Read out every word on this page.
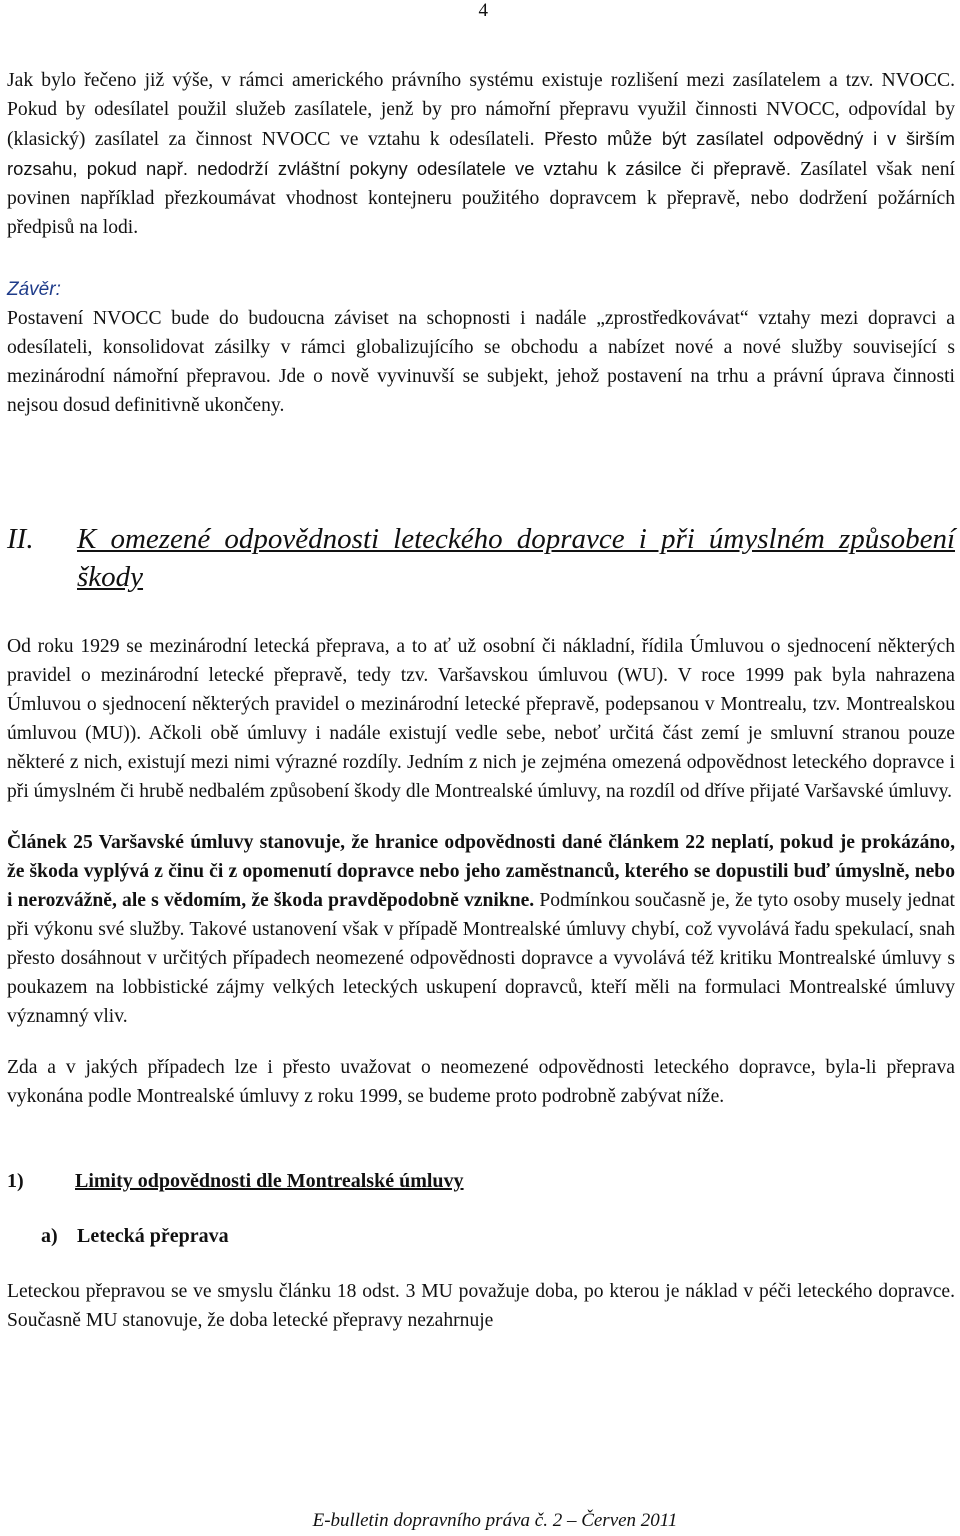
4

Jak bylo řečeno již výše, v rámci amerického právního systému existuje rozlišení mezi zasílatelem a tzv. NVOCC. Pokud by odesílatel použil služeb zasílatele, jenž by pro námořní přepravu využil činnosti NVOCC, odpovídal by (klasický) zasílatel za činnost NVOCC ve vztahu k odesílateli. Přesto může být zasílatel odpovědný i v širším rozsahu, pokud např. nedodrží zvláštní pokyny odesílatele ve vztahu k zásilce či přepravě. Zasílatel však není povinen například přezkoumávat vhodnost kontejneru použitého dopravcem k přepravě, nebo dodržení požárních předpisů na lodi.

Závěr:

Postavení NVOCC bude do budoucna záviset na schopnosti i nadále „zprostředkovávat“ vztahy mezi dopravci a odesílateli, konsolidovat zásilky v rámci globalizujícího se obchodu a nabízet nové a nové služby související s mezinárodní námořní přepravou. Jde o nově vyvinuvší se subjekt, jehož postavení na trhu a právní úprava činnosti nejsou dosud definitivně ukončeny.

II.	K omezené odpovědnosti leteckého dopravce i při úmyslném způsobení škody

Od roku 1929 se mezinárodní letecká přeprava, a to ať už osobní či nákladní, řídila Úmluvou o sjednocení některých pravidel o mezinárodní letecké přepravě, tedy tzv. Varšavskou úmluvou (WU). V roce 1999 pak byla nahrazena Úmluvou o sjednocení některých pravidel o mezinárodní letecké přepravě, podepsanou v Montrealu, tzv. Montrealskou úmluvou (MU)). Ačkoli obě úmluvy i nadále existují vedle sebe, neboť určitá část zemí je smluvní stranou pouze některé z nich, existují mezi nimi výrazné rozdíly. Jedním z nich je zejména omezená odpovědnost leteckého dopravce i při úmyslném či hrubě nedbalém způsobení škody dle Montrealské úmluvy, na rozdíl od dříve přijaté Varšavské úmluvy.

Článek 25 Varšavské úmluvy stanovuje, že hranice odpovědnosti dané článkem 22 neplatí, pokud je prokázáno, že škoda vyplývá z činu či z opomenutí dopravce nebo jeho zaměstnanců, kterého se dopustili buď úmyslně, nebo i nerozvážně, ale s vědomím, že škoda pravděpodobně vznikne. Podmínkou současně je, že tyto osoby musely jednat při výkonu své služby. Takové ustanovení však v případě Montrealské úmluvy chybí, což vyvolává řadu spekulací, snah přesto dosáhnout v určitých případech neomezené odpovědnosti dopravce a vyvolává též kritiku Montrealské úmluvy s poukazem na lobbistické zájmy velkých leteckých uskupení dopravců, kteří měli na formulaci Montrealské úmluvy významný vliv.

Zda a v jakých případech lze i přesto uvažovat o neomezené odpovědnosti leteckého dopravce, byla-li přeprava vykonána podle Montrealské úmluvy z roku 1999, se budeme proto podrobně zabývat níže.

1)	Limity odpovědnosti dle Montrealské úmluvy
a) Letecká přeprava

Leteckou přepravou se ve smyslu článku 18 odst. 3 MU považuje doba, po kterou je náklad v péči leteckého dopravce. Současně MU stanovuje, že doba letecké přepravy nezahrnuje

E-bulletin dopravního práva č. 2 – Červen 2011
